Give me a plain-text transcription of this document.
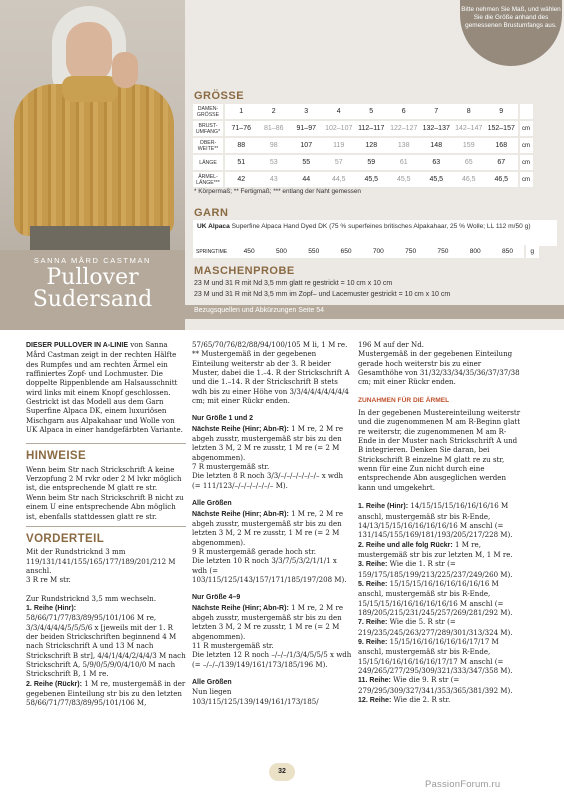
SANNA MÅRD CASTMAN
Pullover
Sudersand
Bitte nehmen Sie Maß, und wählen Sie die Größe anhand des gemessenen Brustumfangs aus.
GRÖSSE
DAMEN-GRÖSSE	1	2	3	4	5	6	7	8	9	
BRUST-UMFANG*	71–76	81–86	91–97	102–107	112–117	122–127	132–137	142–147	152–157	cm
OBER-WEITE**	88	98	107	119	128	138	148	159	168	cm
LÄNGE	51	53	55	57	59	61	63	65	67	cm
ÄRMEL-LÄNGE***	42	43	44	44,5	45,5	45,5	45,5	46,5	46,5	cm
* Körpermaß; ** Fertigmaß; *** entlang der Naht gemessen
GARN
UK Alpaca Superfine Alpaca Hand Dyed DK (75 % superfeines britisches Alpakahaar, 25 % Wolle; LL 112 m/50 g)
SPRINGTIME	450	500	550	650	700	750	750	800	850	g
MASCHENPROBE
23 M und 31 R mit Nd 3,5 mm glatt re gestrickt = 10 cm x 10 cm
23 M und 31 R mit Nd 3,5 mm im Zopf– und Lacemuster gestrickt = 10 cm x 10 cm
Bezugsquellen und Abkürzungen Seite 54

DIESER PULLOVER IN A-LINIE von Sanna Mård Castman zeigt in der rechten Hälfte des Rumpfes und am rechten Ärmel ein raffiniertes Zopf- und Lochmuster. Die doppelte Rippenblende am Halsausschnitt wird links mit einem Knopf geschlossen. Gestrickt ist das Modell aus dem Garn Superfine Alpaca DK, einem luxuriösen Mischgarn aus Alpakahaar und Wolle von UK Alpaca in einer handgefärbten Variante.

HINWEISE

Wenn beim Str nach Strickschrift A keine Verzopfung 2 M rvkr oder 2 M lvkr möglich ist, die entsprechende M glatt re str.
Wenn beim Str nach Strickschrift B nicht zu einem U eine entsprechende Abn möglich ist, ebenfalls stattdessen glatt re str.

VORDERTEIL

Mit der Rundstricknd 3 mm 119/131/141/155/165/177/189/201/212 M anschl.
3 R re M str.

Zur Rundstricknd 3,5 mm wechseln.

1. Reihe (Hinr): 58/66/71/77/83/89/95/101/106 M re, 3/3/4/4/4/4/5/5/5/6 x [jeweils mit der 1. R der beiden Strickschriften beginnend 4 M nach Strickschrift A und 13 M nach Strickschrift B str], 4/4/1/4/4/2/4/4/3 M nach Strickschrift A, 5/9/0/5/9/0/4/10/0 M nach Strickschrift B, 1 M re.

2. Reihe (Rückr): 1 M re, mustergemäß in der gegebenen Einteilung str bis zu den letzten 58/66/71/77/83/89/95/101/106 M,

57/65/70/76/82/88/94/100/105 M li, 1 M re.
** Mustergemäß in der gegebenen Einteilung weiterstr ab der 3. R beider Muster, dabei die 1.–4. R der Strickschrift A und die 1.–14. R der Strickschrift B stets wdh bis zu einer Höhe von 3/3/4/4/4/4/4/4/4 cm; mit einer Rückr enden.

Nur Größe 1 und 2

Nächste Reihe (Hinr; Abn-R): 1 M re, 2 M re abgeh zusstr, mustergemäß str bis zu den letzten 3 M, 2 M re zusstr, 1 M re (= 2 M abgenommen).
7 R mustergemäß str.
Die letzten 8 R noch 3/3/–/–/–/–/–/–/– x wdh (= 111/123/–/–/–/–/–/–/– M).

Alle Größen

Nächste Reihe (Hinr; Abn-R): 1 M re, 2 M re abgeh zusstr, mustergemäß str bis zu den letzten 3 M, 2 M re zusstr, 1 M re (= 2 M abgenommen).
9 R mustergemäß gerade hoch str.
Die letzten 10 R noch 3/3/7/5/3/2/1/1/1 x wdh (= 103/115/125/143/157/171/185/197/208 M).

Nur Größe 4–9

Nächste Reihe (Hinr; Abn-R): 1 M re, 2 M re abgeh zusstr, mustergemäß str bis zu den letzten 3 M, 2 M re zusstr, 1 M re (= 2 M abgenommen).
11 R mustergemäß str.
Die letzten 12 R noch –/–/–/1/3/4/5/5/5 x wdh (= –/–/–/139/149/161/173/185/196 M).

Alle Größen

Nun liegen 103/115/125/139/149/161/173/185/

196 M auf der Nd.
Mustergemäß in der gegebenen Einteilung gerade hoch weiterstr bis zu einer Gesamthöhe von 31/32/33/34/35/36/37/37/38 cm; mit einer Rückr enden.

ZUNAHMEN FÜR DIE ÄRMEL

In der gegebenen Mustereinteilung weiterstr und die zugenommenen M am R-Beginn glatt re weiterstr, die zugenommenen M am R-Ende in der Muster nach Strickschrift A und B integrieren. Denken Sie daran, bei Strickschrift B einzelne M glatt re zu str, wenn für eine Zun nicht durch eine entsprechende Abn ausgeglichen werden kann und umgekehrt.

1. Reihe (Hinr): 14/15/15/15/16/16/16/16 M anschl, mustergemäß str bis R-Ende, 14/13/15/15/16/16/16/16/16 M anschl (= 131/145/155/169/181/193/205/217/228 M).

2. Reihe und alle folg Rückr: 1 M re, mustergemäß str bis zur letzten M, 1 M re.

3. Reihe: Wie die 1. R str (= 159/175/185/199/213/225/237/249/260 M).

5. Reihe: 15/15/15/16/16/16/16/16/16 M anschl, mustergemäß str bis R-Ende, 15/15/15/16/16/16/16/16/16 M anschl (= 189/205/215/231/245/257/269/281/292 M).

7. Reihe: Wie die 5. R str (= 219/235/245/263/277/289/301/313/324 M).

9. Reihe: 15/15/16/16/16/16/16/17/17 M anschl, mustergemäß str bis R-Ende, 15/15/16/16/16/16/16/17/17 M anschl (= 249/265/277/295/309/321/333/347/358 M).

11. Reihe: Wie die 9. R str (= 279/295/309/327/341/353/365/381/392 M).

12. Reihe: Wie die 2. R str.

32
PassionForum.ru
